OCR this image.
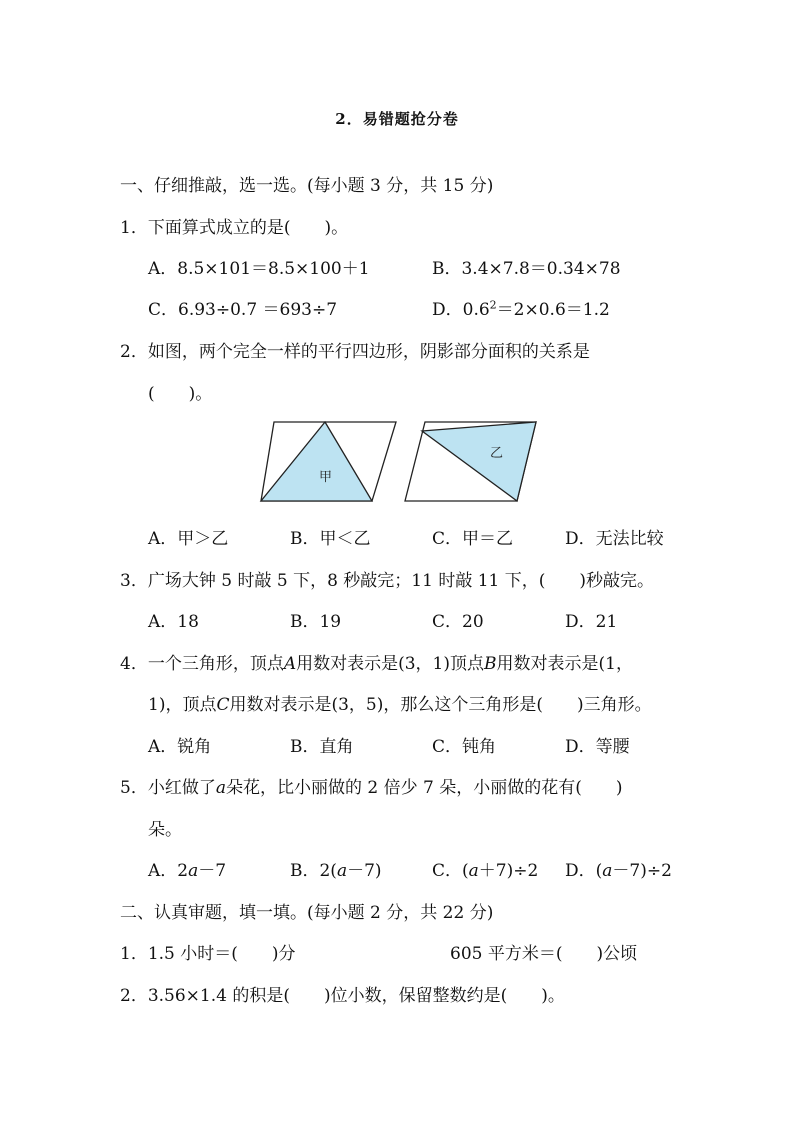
2．易错题抢分卷
一、仔细推敲，选一选。(每小题 3 分，共 15 分)
1．下面算式成立的是(　　)。
A．8.5×101＝8.5×100＋1	B．3.4×7.8＝0.34×78
C．6.93÷0.7 ＝693÷7	D．$0.6^2=2\times 0.6=1.2$
2．如图，两个完全一样的平行四边形，阴影部分面积的关系是
(　　)。
甲
乙
A．甲＞乙	B．甲＜乙	C．甲＝乙	D．无法比较
3．广场大钟 5 时敲 5 下，8 秒敲完；11 时敲 11 下，(　　)秒敲完。
A．18	B．19	C．20	D．21
4．一个三角形，顶点A用数对表示是(3，1)顶点B用数对表示是(1，
1)，顶点C用数对表示是(3，5)，那么这个三角形是(　　)三角形。
A．锐角	B．直角	C．钝角	D．等腰
5．小红做了a朵花，比小丽做的 2 倍少 7 朵，小丽做的花有(　　)
朵。
A．2a－7	B．2(a－7)	C．(a＋7)÷2 D．(a－7)÷2
二、认真审题，填一填。(每小题 2 分，共 22 分)
1．1.5 小时＝(　　)分	605 平方米＝(　　)公顷
2．3.56×1.4 的积是(　　)位小数，保留整数约是(　　)。
